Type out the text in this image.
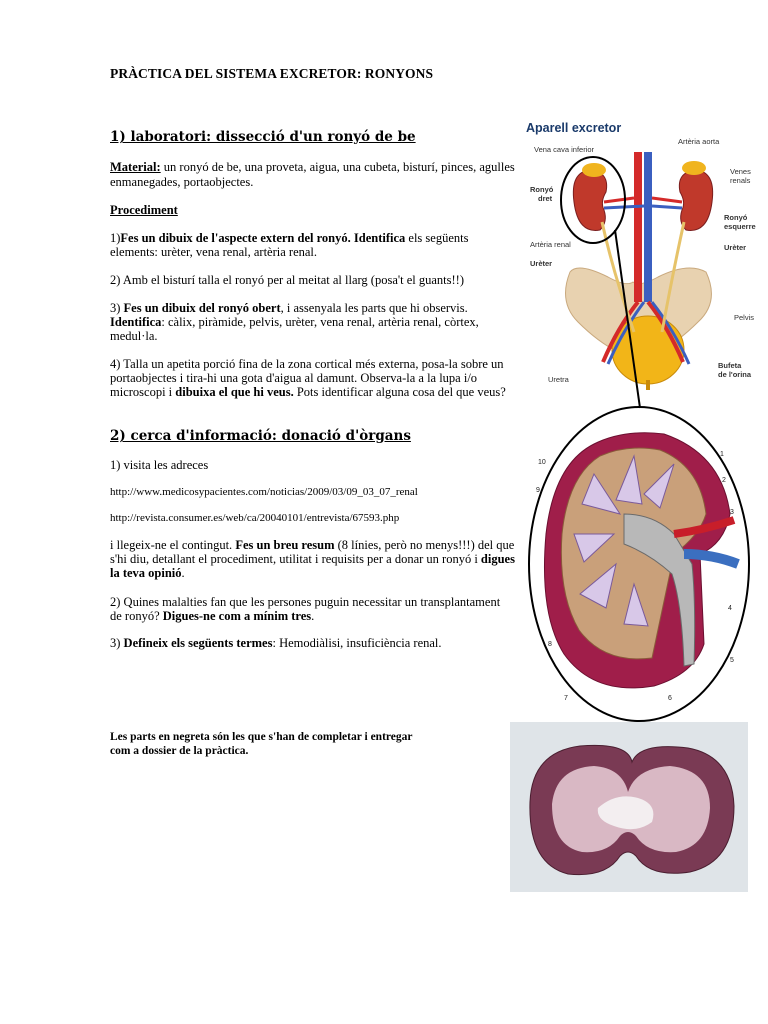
PRÀCTICA DEL SISTEMA EXCRETOR: RONYONS
1) laboratori: dissecció d'un ronyó de be
Material: un ronyó de be, una proveta, aigua, una cubeta, bisturí, pinces, agulles
enmanegades, portaobjectes.
Procediment
1)Fes un dibuix de l'aspecte extern del ronyó. Identifica els següents
elements: urèter, vena renal, artèria renal.
2) Amb el bisturí talla el ronyó per al meitat al llarg (posa't el guants!!)
3) Fes un dibuix del ronyó obert, i assenyala les parts que hi observis.
Identifica: càlix, piràmide, pelvis, urèter, vena renal, artèria renal, còrtex,
medul·la.
4) Talla un apetita porció fina de la zona cortical més externa, posa-la sobre un
portaobjectes i tira-hi una gota d'aigua al damunt. Observa-la a la lupa i/o
microscopi i dibuixa el que hi veus. Pots identificar alguna cosa del que veus?
2) cerca d'informació: donació d'òrgans
1) visita les adreces
http://www.medicosypacientes.com/noticias/2009/03/09_03_07_renal
http://revista.consumer.es/web/ca/20040101/entrevista/67593.php
i llegeix-ne el contingut. Fes un breu resum (8 línies, però no menys!!!) del que
s'hi diu, detallant el procediment, utilitat i requisits per a donar un ronyó i digues
la teva opinió.
2) Quines malalties fan que les persones puguin necessitar un transplantament
de ronyó? Digues-ne com a mínim tres.
3) Defineix els següents termes: Hemodiàlisi, insuficiència renal.
Les parts en negreta són les que s'han de completar i entregar
com a dossier de la pràctica.
Aparell excretor
Vena cava inferior
Artèria aorta
Venes
renals
Ronyó
dret
Ronyó
esquerre
Artèria renal	Urèter
Urèter
Pelvis
Bufeta
de l'orina
Uretra
1
2
3
4
5
6
7
8
9
10
